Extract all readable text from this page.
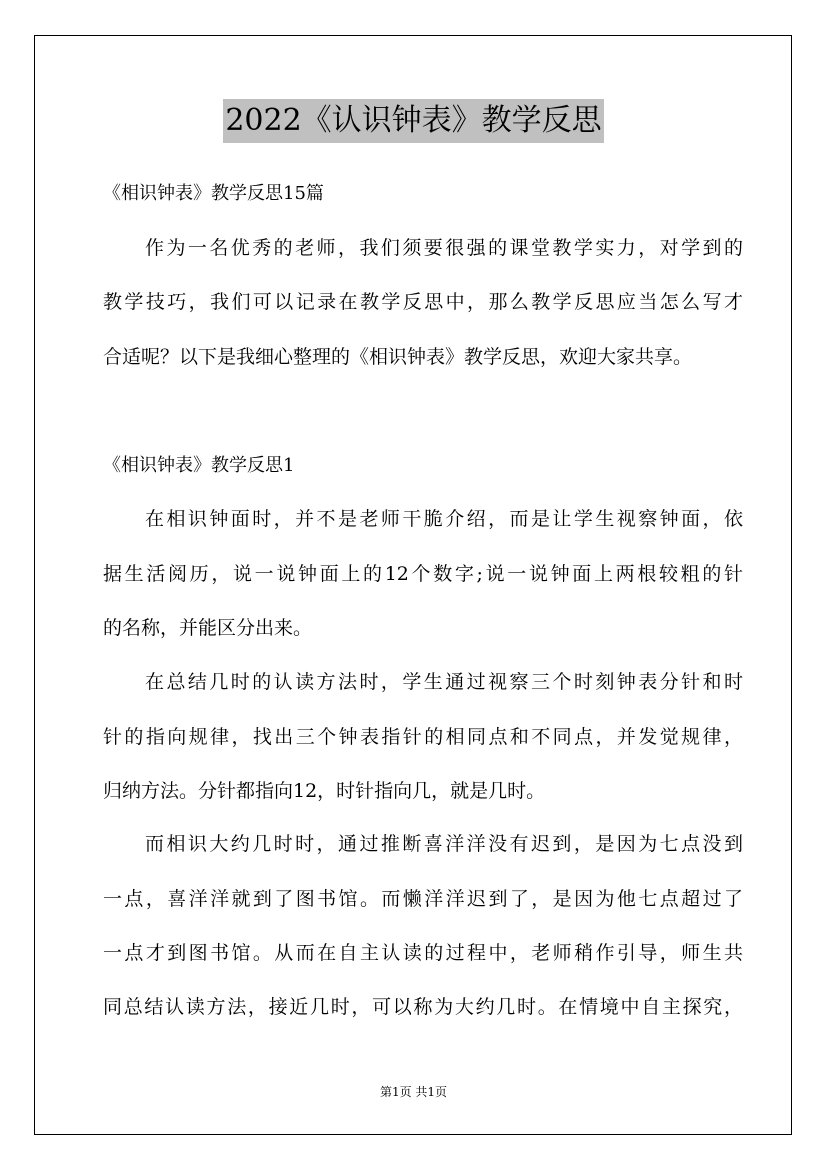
2022《认识钟表》教学反思
《相识钟表》教学反思15篇
作为一名优秀的老师，我们须要很强的课堂教学实力，对学到的
教学技巧，我们可以记录在教学反思中，那么教学反思应当怎么写才
合适呢？以下是我细心整理的《相识钟表》教学反思，欢迎大家共享。
《相识钟表》教学反思1
在相识钟面时，并不是老师干脆介绍，而是让学生视察钟面，依
据生活阅历，说一说钟面上的12个数字;说一说钟面上两根较粗的针
的名称，并能区分出来。
在总结几时的认读方法时，学生通过视察三个时刻钟表分针和时
针的指向规律，找出三个钟表指针的相同点和不同点，并发觉规律，
归纳方法。分针都指向12，时针指向几，就是几时。
而相识大约几时时，通过推断喜洋洋没有迟到，是因为七点没到
一点，喜洋洋就到了图书馆。而懒洋洋迟到了，是因为他七点超过了
一点才到图书馆。从而在自主认读的过程中，老师稍作引导，师生共
同总结认读方法，接近几时，可以称为大约几时。在情境中自主探究，
第1页 共1页
